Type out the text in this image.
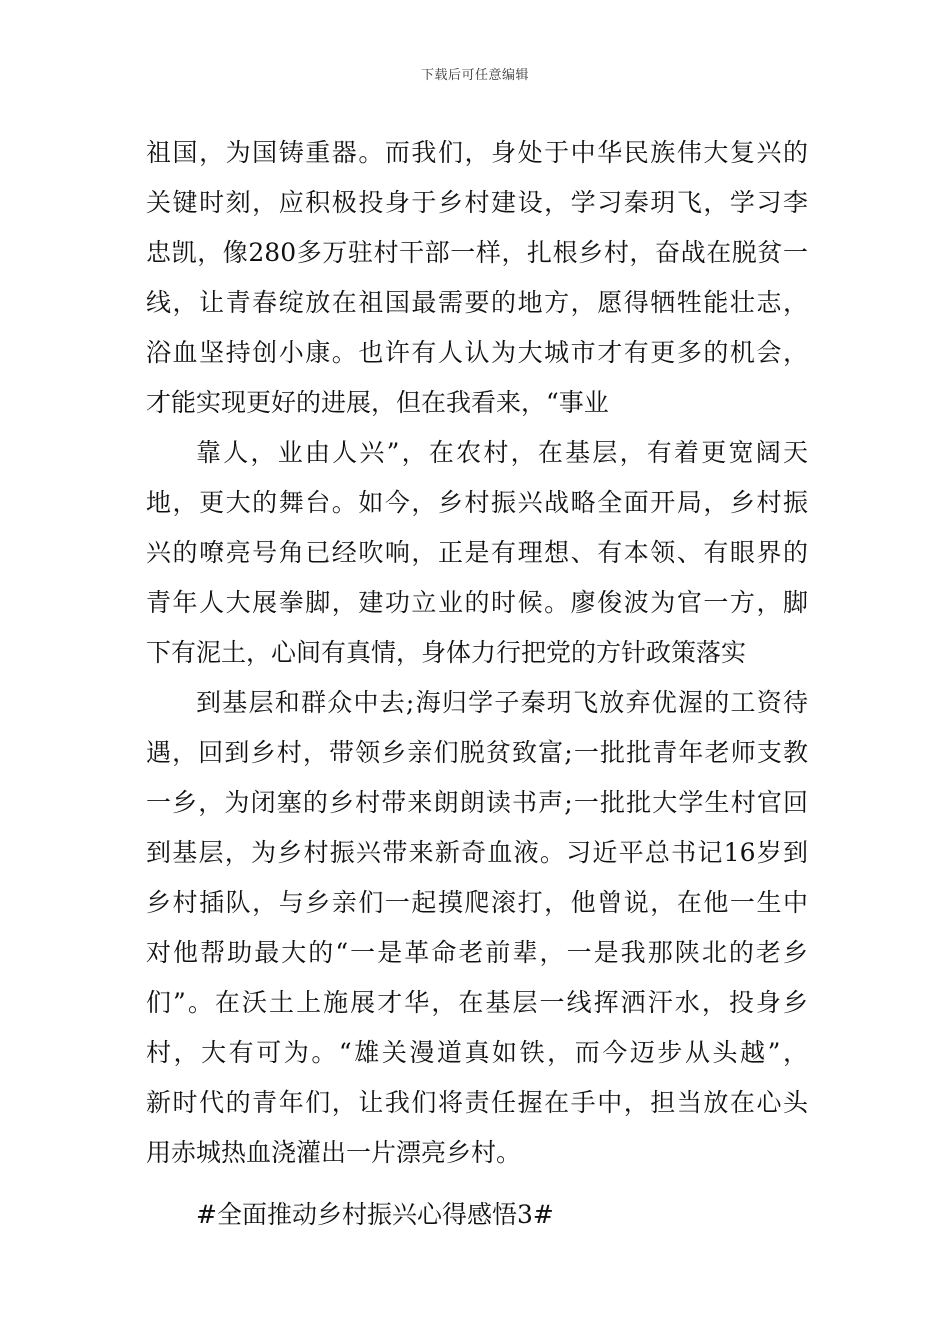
下载后可任意编辑
祖国，为国铸重器。而我们，身处于中华民族伟大复兴的
关键时刻，应积极投身于乡村建设，学习秦玥飞，学习李
忠凯，像280多万驻村干部一样，扎根乡村，奋战在脱贫一
线，让青春绽放在祖国最需要的地方，愿得牺牲能壮志，
浴血坚持创小康。也许有人认为大城市才有更多的机会，
才能实现更好的进展，但在我看来，“事业
靠人，业由人兴”，在农村，在基层，有着更宽阔天
地，更大的舞台。如今，乡村振兴战略全面开局，乡村振
兴的嘹亮号角已经吹响，正是有理想、有本领、有眼界的
青年人大展拳脚，建功立业的时候。廖俊波为官一方，脚
下有泥土，心间有真情，身体力行把党的方针政策落实
到基层和群众中去;海归学子秦玥飞放弃优渥的工资待
遇，回到乡村，带领乡亲们脱贫致富;一批批青年老师支教
一乡，为闭塞的乡村带来朗朗读书声;一批批大学生村官回
到基层，为乡村振兴带来新奇血液。习近平总书记16岁到
乡村插队，与乡亲们一起摸爬滚打，他曾说，在他一生中
对他帮助最大的“一是革命老前辈，一是我那陕北的老乡
们”。在沃土上施展才华，在基层一线挥洒汗水，投身乡
村，大有可为。“雄关漫道真如铁，而今迈步从头越”，
新时代的青年们，让我们将责任握在手中，担当放在心头
用赤城热血浇灌出一片漂亮乡村。
#全面推动乡村振兴心得感悟3#
